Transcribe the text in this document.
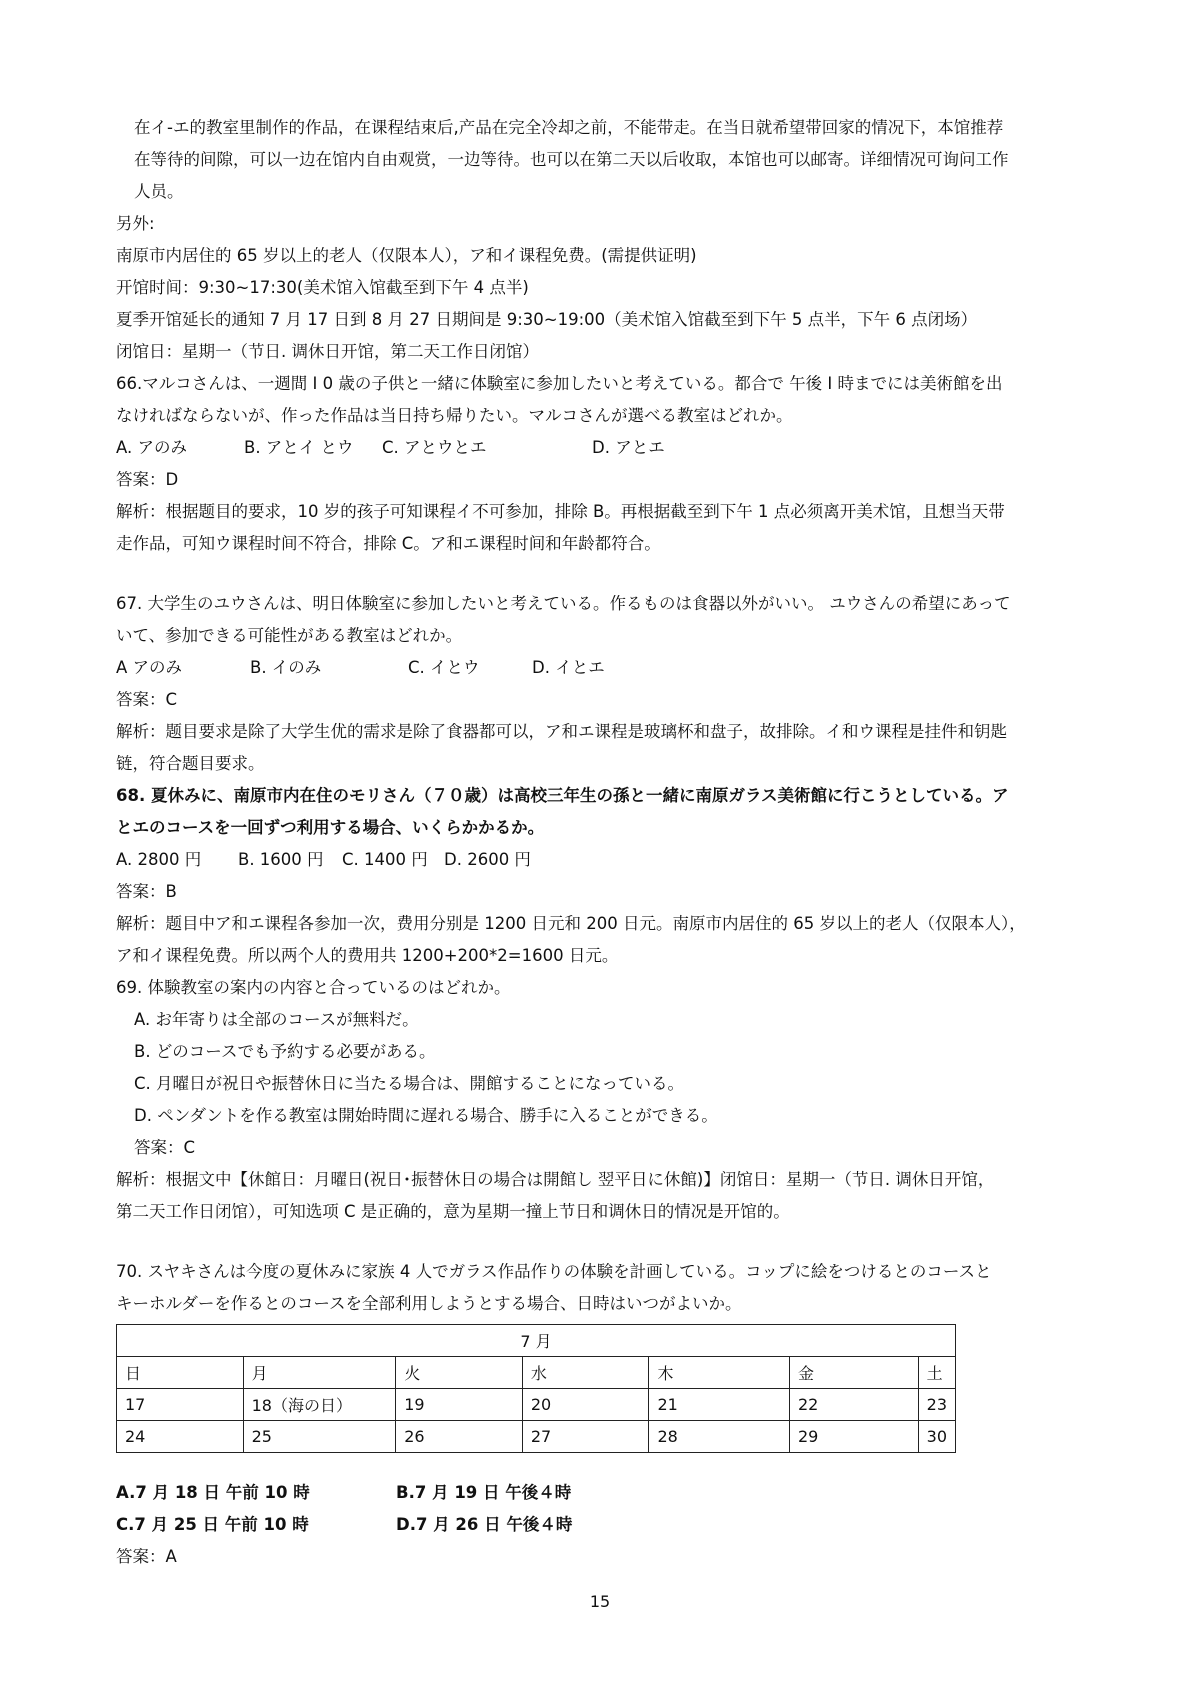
在イ-エ的教室里制作的作品，在课程结束后,产品在完全冷却之前，不能带走。在当日就希望带回家的情况下，本馆推荐
在等待的间隙，可以一边在馆内自由观赏，一边等待。也可以在第二天以后收取，本馆也可以邮寄。详细情况可询问工作
人员。
另外:
南原市内居住的 65 岁以上的老人（仅限本人），ア和イ课程免费。(需提供证明)
开馆时间：9:30~17:30(美术馆入馆截至到下午 4 点半)
夏季开馆延长的通知 7 月 17 日到 8 月 27 日期间是 9:30~19:00（美术馆入馆截至到下午 5 点半，下午 6 点闭场）
闭馆日：星期一（节日. 调休日开馆，第二天工作日闭馆）
66.マルコさんは、一週間 I 0 歳の子供と一緒に体験室に参加したいと考えている。都合で 午後 I 時までには美術館を出
なければならないが、作った作品は当日持ち帰りたい。マルコさんが選べる教室はどれか。
A. アのみ	B. アとイ とウ	C. アとウとエ	D. アとエ
答案：D
解析：根据题目的要求，10 岁的孩子可知课程イ不可参加，排除 B。再根据截至到下午 1 点必须离开美术馆，且想当天带
走作品，可知ウ课程时间不符合，排除 C。ア和エ课程时间和年龄都符合。
67. 大学生のユウさんは、明日体験室に参加したいと考えている。作るものは食器以外がいい。 ユウさんの希望にあって
いて、参加できる可能性がある教室はどれか。
A アのみ	B. イのみ	C. イとウ	D. イとエ
答案：C
解析：题目要求是除了大学生优的需求是除了食器都可以，ア和エ课程是玻璃杯和盘子，故排除。イ和ウ课程是挂件和钥匙
链，符合题目要求。
68. 夏休みに、南原市内在住のモリさん（７０歳）は高校三年生の孫と一緒に南原ガラス美術館に行こうとしている。ア
とエのコースを一回ずつ利用する場合、いくらかかるか。
A. 2800 円	B. 1600 円	C. 1400 円 D. 2600 円
答案：B
解析：题目中ア和エ课程各参加一次，费用分别是 1200 日元和 200 日元。南原市内居住的 65 岁以上的老人（仅限本人），
ア和イ课程免费。所以两个人的费用共 1200+200*2=1600 日元。
69. 体験教室の案内の内容と合っているのはどれか。
A. お年寄りは全部のコースが無料だ。
B. どのコースでも予約する必要がある。
C. 月曜日が祝日や振替休日に当たる場合は、開館することになっている。
D. ペンダントを作る教室は開始時間に遅れる場合、勝手に入ることができる。
答案：C
解析：根据文中【休館日：月曜日(祝日･振替休日の場合は開館し 翌平日に休館)】闭馆日：星期一（节日. 调休日开馆，
第二天工作日闭馆），可知选项 C 是正确的，意为星期一撞上节日和调休日的情况是开馆的。
70. スヤキさんは今度の夏休みに家族 4 人でガラス作品作りの体験を計画している。コップに絵をつけるとのコースと
キーホルダーを作るとのコースを全部利用しようとする場合、日時はいつがよいか。
7 月						
日	月	火	水	木	金	土
17	18（海の日）	19	20	21	22	23
24	25	26	27	28	29	30
A.7 月 18 日 午前 10 時	B.7 月 19 日 午後４時
C.7 月 25 日 午前 10 時	D.7 月 26 日 午後４時
答案：A
15
